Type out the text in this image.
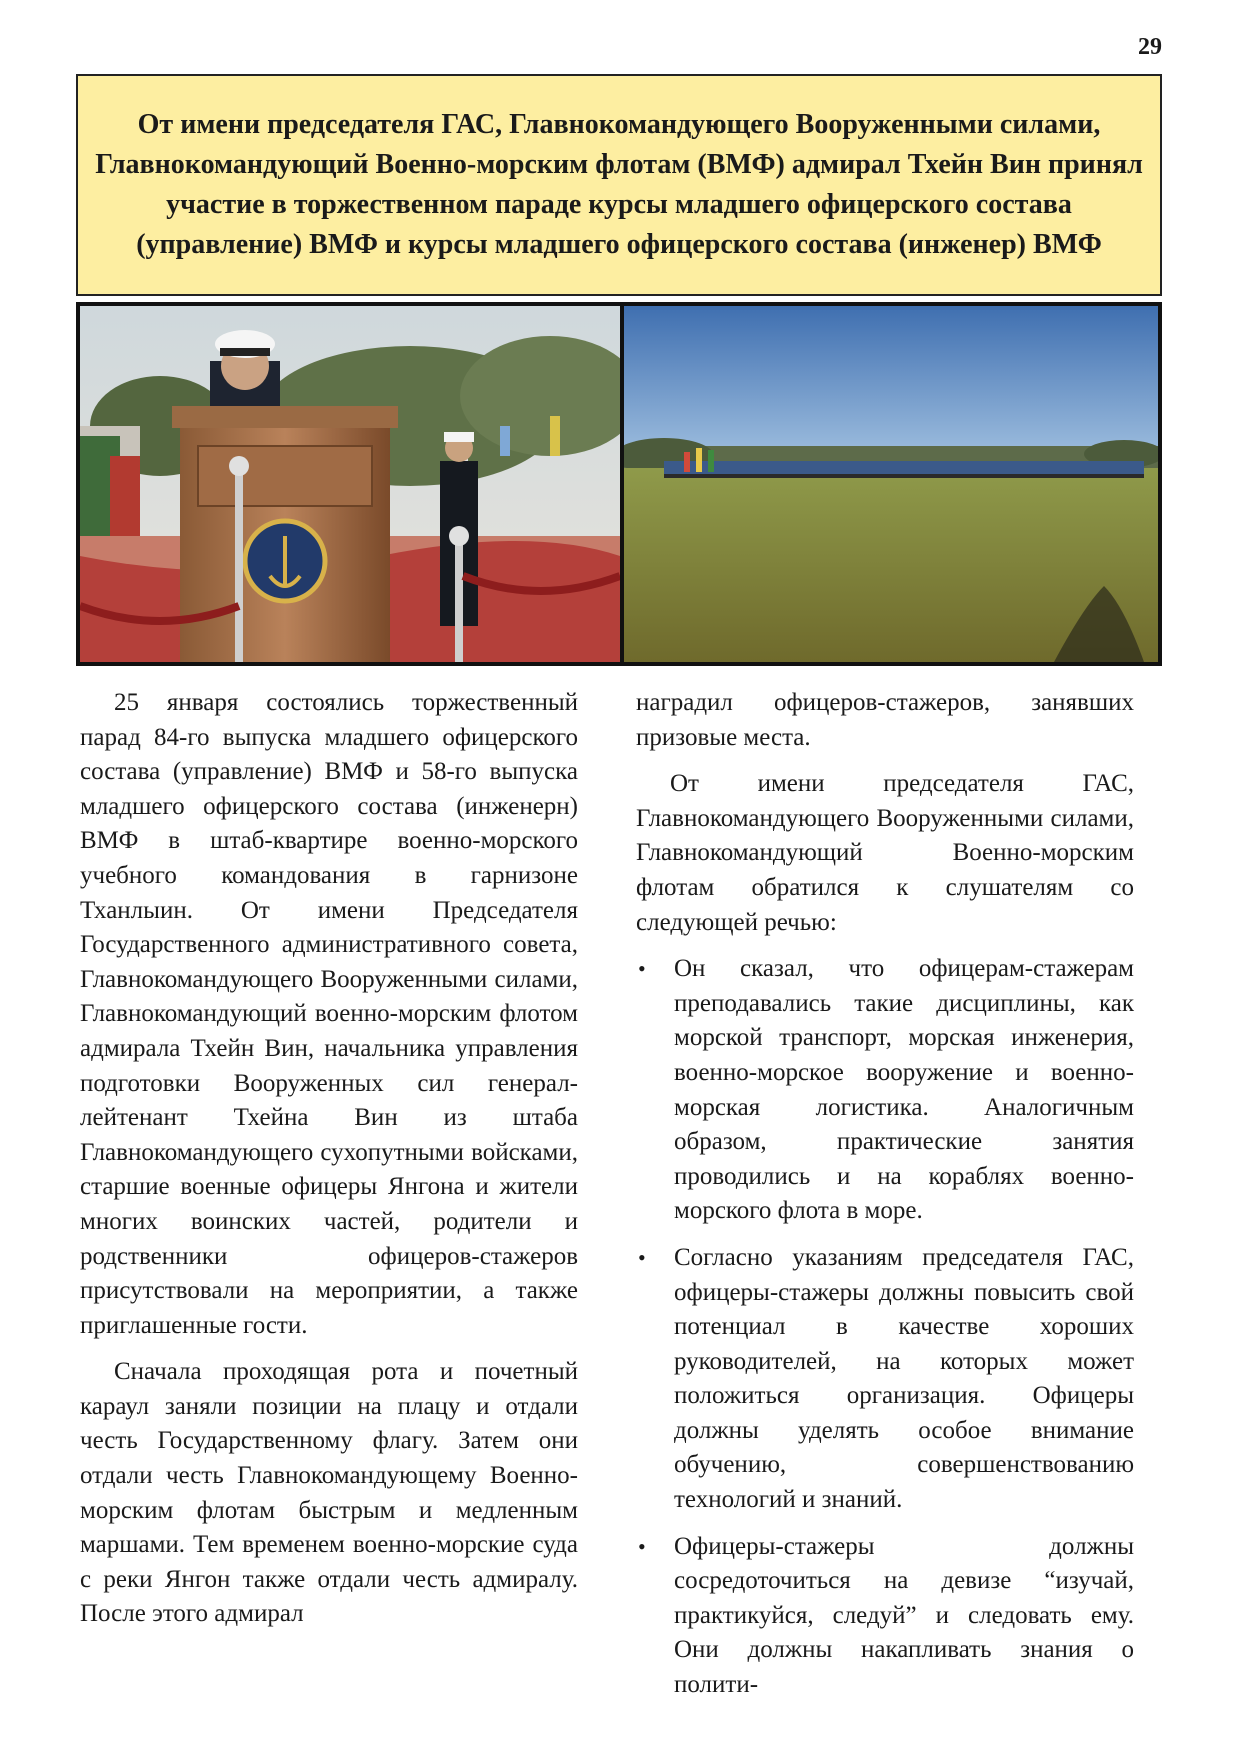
29
От имени председателя ГАС, Главнокомандующего Вооруженными силами, Главнокомандующий Военно-морским флотам (ВМФ) адмирал Тхейн Вин принял участие в торжественном параде курсы младшего офицерского состава (управление) ВМФ и курсы младшего офицерского состава (инженер) ВМФ

25 января состоялись торжественный парад 84-го выпуска младшего офицерского состава (управление) ВМФ и 58-го выпуска младшего офицерского состава (инженерн) ВМФ в штаб-квартире военно-морского учебного командования в гарнизоне Тханлыин. От имени Председателя Государственного административного совета, Главнокомандующего Вооруженными силами, Главнокомандующий военно-морским флотом адмирала Тхейн Вин, начальника управления подготовки Вооруженных сил генерал-лейтенант Тхейна Вин из штаба Главнокомандующего сухопутными войсками, старшие военные офицеры Янгона и жители многих воинских частей, родители и родственники офицеров-стажеров присутствовали на мероприятии, а также приглашенные гости.

Сначала проходящая рота и почетный караул заняли позиции на плацу и отдали честь Государственному флагу. Затем они отдали честь Главнокомандующему Военно-морским флотам быстрым и медленным маршами. Тем временем военно-морские суда с реки Янгон также отдали честь адмиралу. После этого адмирал

наградил офицеров-стажеров, занявших призовые места.

От имени председателя ГАС, Главнокомандующего Вооруженными силами, Главнокомандующий Военно-морским флотам обратился к слушателям со следующей речью:

• Он сказал, что офицерам-стажерам преподавались такие дисциплины, как морской транспорт, морская инженерия, военно-морское вооружение и военно-морская логистика. Аналогичным образом, практические занятия проводились и на кораблях военно-морского флота в море.
• Согласно указаниям председателя ГАС, офицеры-стажеры должны повысить свой потенциал в качестве хороших руководителей, на которых может положиться организация. Офицеры должны уделять особое внимание обучению, совершенствованию технологий и знаний.
• Офицеры-стажеры должны сосредоточиться на девизе “изучай, практикуйся, следуй” и следовать ему. Они должны накапливать знания о полити-
